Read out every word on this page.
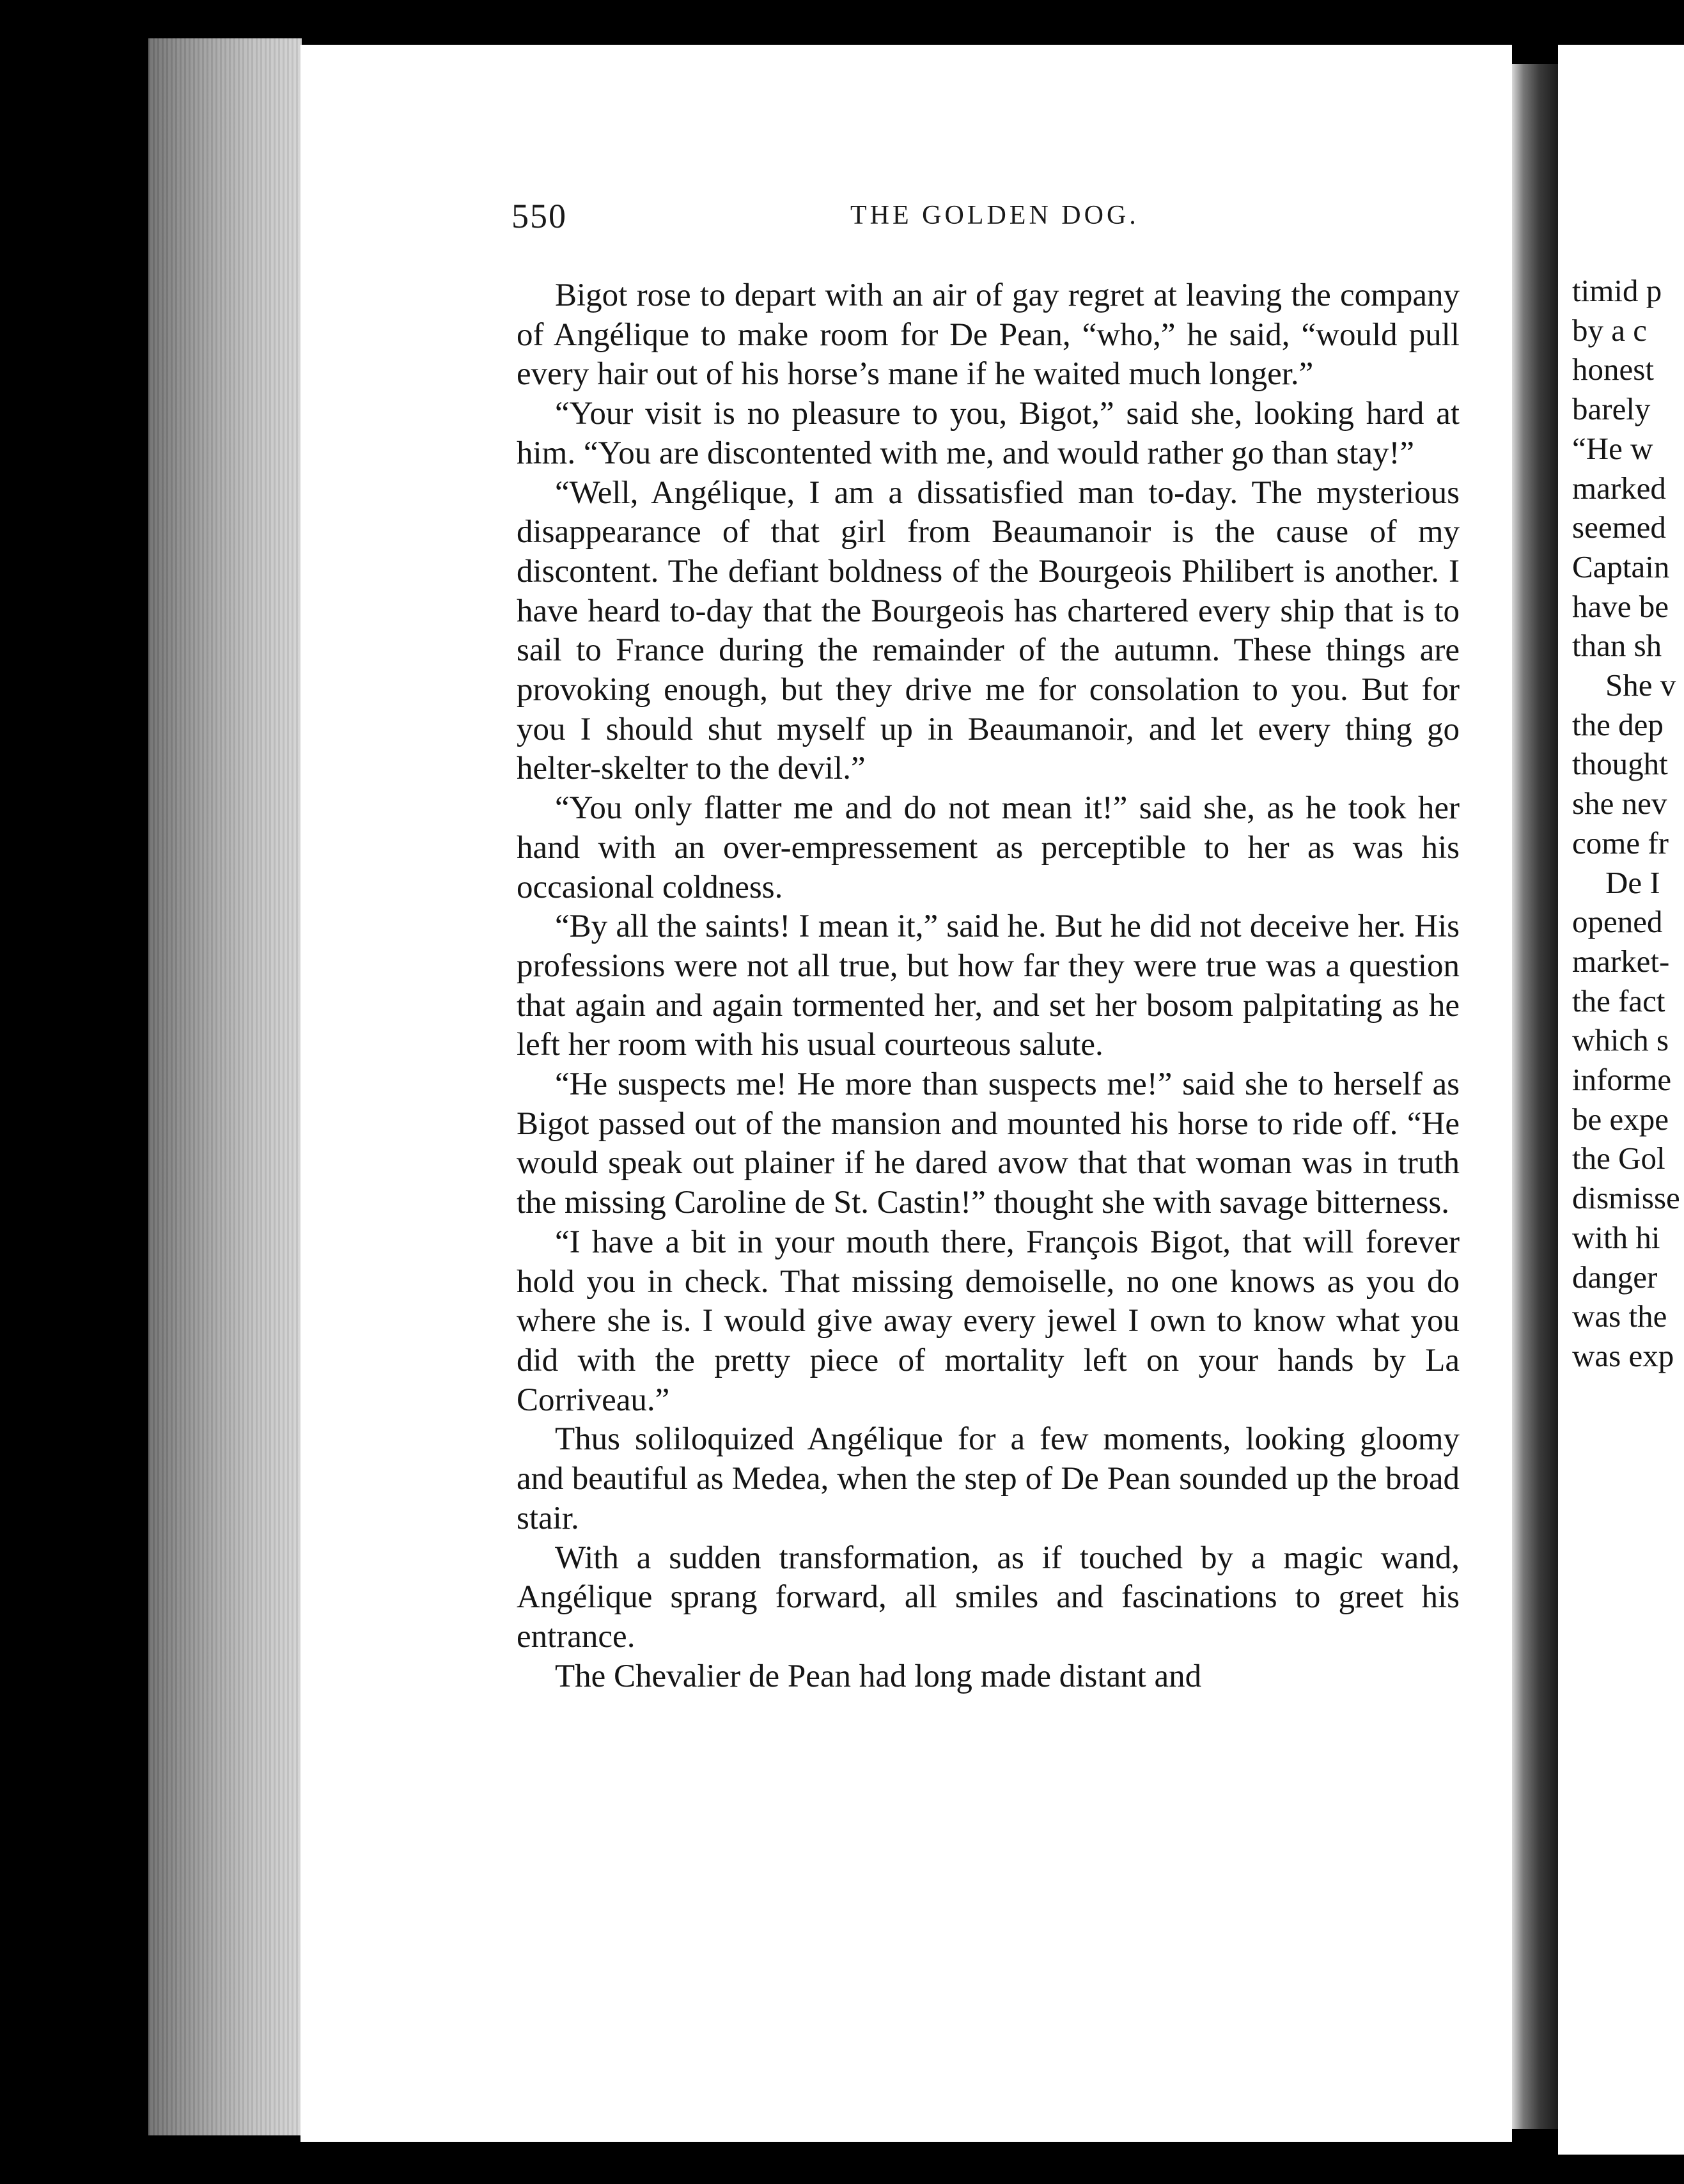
timid p
by a c
honest
barely
“He w
marked
seemed
Captain
have be
than sh
She v
the dep
thought
she nev
come fr
De I
opened
market-
the fact
which s
informe
be expe
the Gol
dismisse
with hi
danger
was the
was exp
550	THE GOLDEN DOG.

Bigot rose to depart with an air of gay regret at leaving the company of Angélique to make room for De Pean, “who,” he said, “would pull every hair out of his horse’s mane if he waited much longer.”

“Your visit is no pleasure to you, Bigot,” said she, looking hard at him. “You are discontented with me, and would rather go than stay!”

“Well, Angélique, I am a dissatisfied man to-day. The mysterious disappearance of that girl from Beaumanoir is the cause of my discontent. The defiant boldness of the Bourgeois Philibert is another. I have heard to-day that the Bourgeois has chartered every ship that is to sail to France during the remainder of the autumn. These things are provoking enough, but they drive me for consolation to you. But for you I should shut myself up in Beaumanoir, and let every thing go helter-skelter to the devil.”

“You only flatter me and do not mean it!” said she, as he took her hand with an over-empressement as perceptible to her as was his occasional coldness.

“By all the saints! I mean it,” said he. But he did not deceive her. His professions were not all true, but how far they were true was a question that again and again tormented her, and set her bosom palpitating as he left her room with his usual courteous salute.

“He suspects me! He more than suspects me!” said she to herself as Bigot passed out of the mansion and mounted his horse to ride off. “He would speak out plainer if he dared avow that that woman was in truth the missing Caroline de St. Castin!” thought she with savage bitterness.

“I have a bit in your mouth there, François Bigot, that will forever hold you in check. That missing demoiselle, no one knows as you do where she is. I would give away every jewel I own to know what you did with the pretty piece of mortality left on your hands by La Corriveau.”

Thus soliloquized Angélique for a few moments, looking gloomy and beautiful as Medea, when the step of De Pean sounded up the broad stair.

With a sudden transformation, as if touched by a magic wand, Angélique sprang forward, all smiles and fascinations to greet his entrance.

The Chevalier de Pean had long made distant and
